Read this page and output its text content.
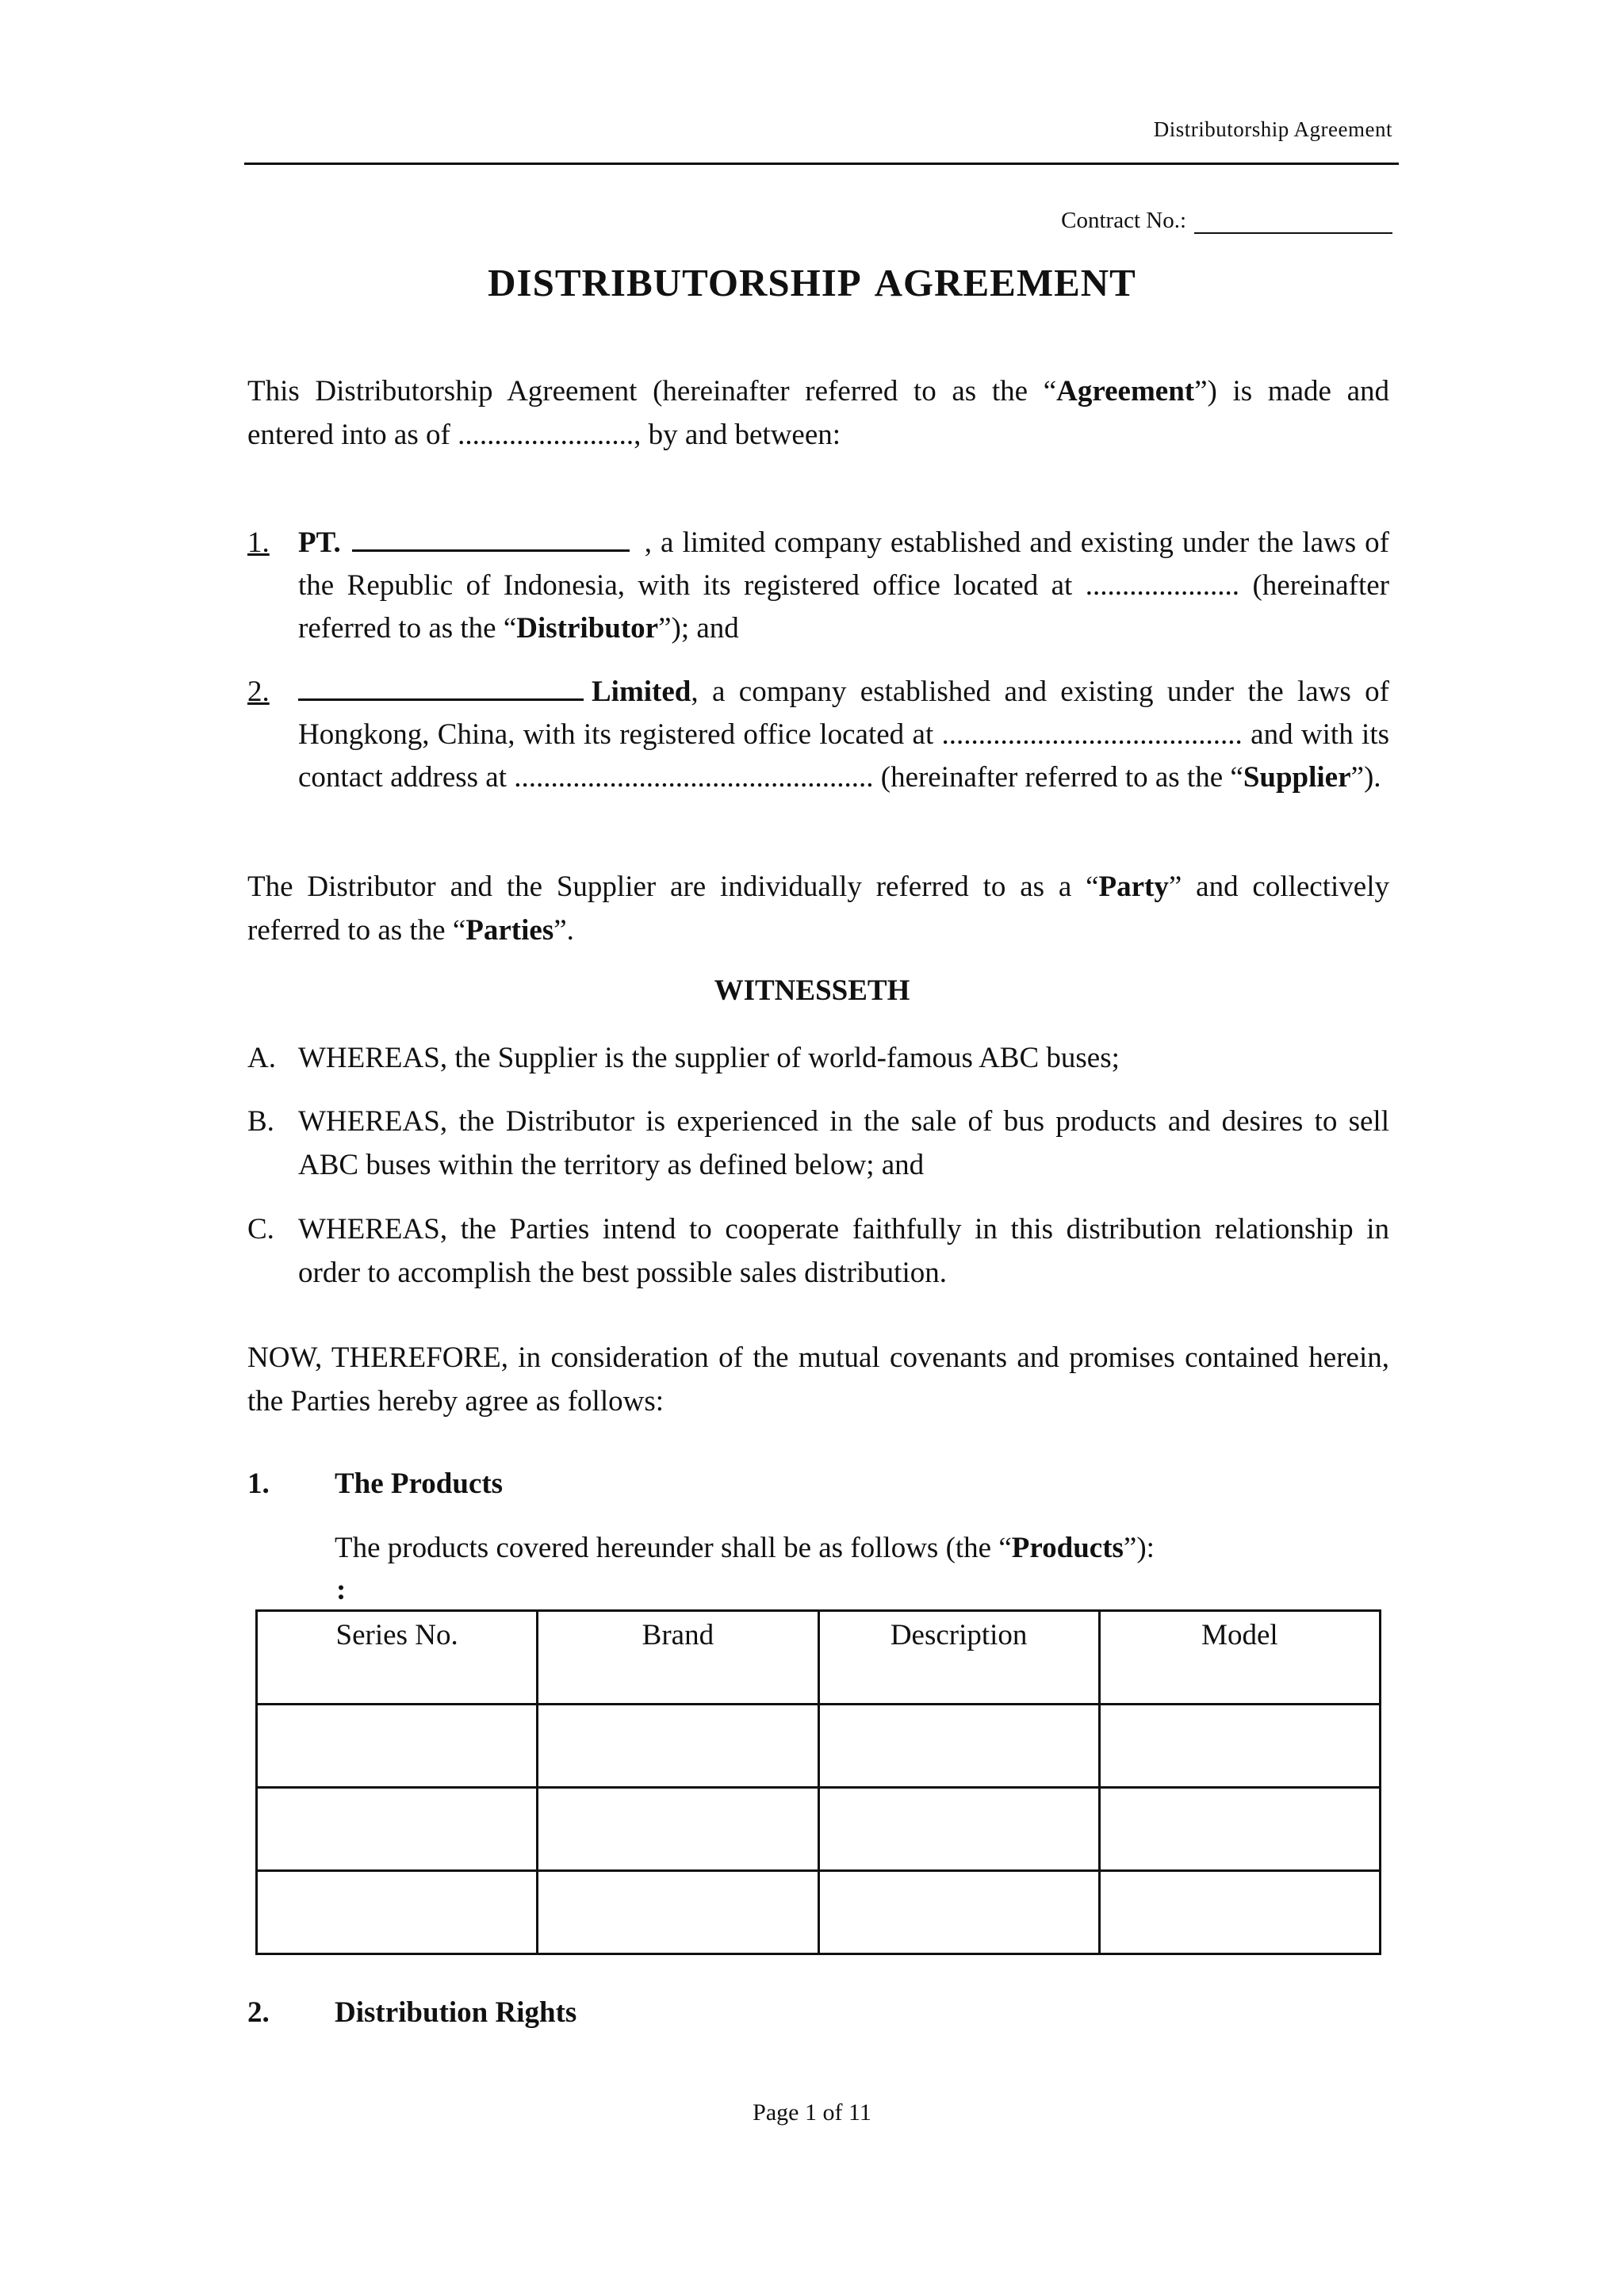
Distributorship Agreement
Contract No.:
DISTRIBUTORSHIP AGREEMENT
This Distributorship Agreement (hereinafter referred to as the “Agreement”) is made and entered into as of ........................, by and between:
1. PT.	, a limited company established and existing under the laws of the Republic of Indonesia, with its registered office located at ..................... (hereinafter referred to as the “Distributor”); and
2.	Limited, a company established and existing under the laws of Hongkong, China, with its registered office located at ......................................... and with its contact address at ................................................. (hereinafter referred to as the “Supplier”).
The Distributor and the Supplier are individually referred to as a “Party” and collectively referred to as the “Parties”.
WITNESSETH
A. WHEREAS, the Supplier is the supplier of world-famous ABC buses;
B. WHEREAS, the Distributor is experienced in the sale of bus products and desires to sell ABC buses within the territory as defined below; and
C. WHEREAS, the Parties intend to cooperate faithfully in this distribution relationship in order to accomplish the best possible sales distribution.
NOW, THEREFORE, in consideration of the mutual covenants and promises contained herein, the Parties hereby agree as follows:
1. The Products
The products covered hereunder shall be as follows (the “Products”):
:
Series No.	Brand	Description	Model

2. Distribution Rights
Page 1 of 11
